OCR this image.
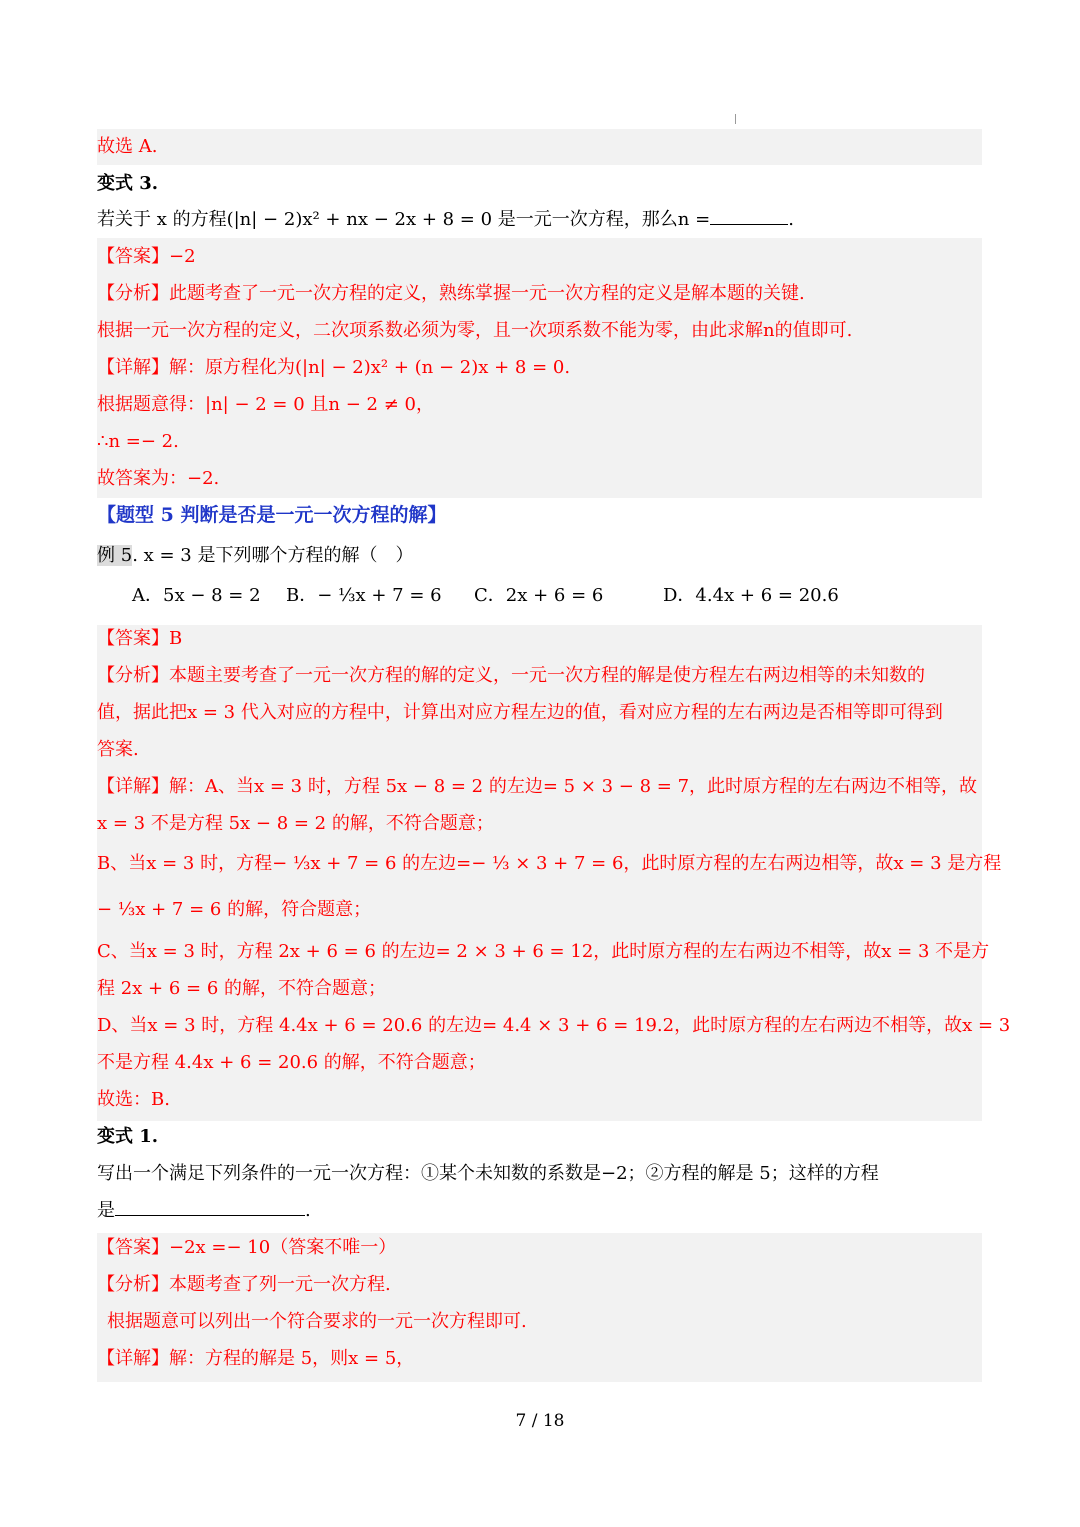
故选 A.
变式 3.
若关于 x 的方程(|n| − 2)x² + nx − 2x + 8 = 0 是一元一次方程，那么n =	.
【答案】−2
【分析】此题考查了一元一次方程的定义，熟练掌握一元一次方程的定义是解本题的关键.
根据一元一次方程的定义，二次项系数必须为零，且一次项系数不能为零，由此求解n的值即可.
【详解】解：原方程化为(|n| − 2)x² + (n − 2)x + 8 = 0.
根据题意得：|n| − 2 = 0 且n − 2 ≠ 0，
∴n =− 2.
故答案为：−2.
【题型 5 判断是否是一元一次方程的解】
例 5. x = 3 是下列哪个方程的解（　）
A．5x − 8 = 2 B．− ⅓x + 7 = 6 C．2x + 6 = 6	D．4.4x + 6 = 20.6
【答案】B
【分析】本题主要考查了一元一次方程的解的定义，一元一次方程的解是使方程左右两边相等的未知数的
值，据此把x = 3 代入对应的方程中，计算出对应方程左边的值，看对应方程的左右两边是否相等即可得到
答案.
【详解】解：A、当x = 3 时，方程 5x − 8 = 2 的左边= 5 × 3 − 8 = 7，此时原方程的左右两边不相等，故
x = 3 不是方程 5x − 8 = 2 的解，不符合题意；
B、当x = 3 时，方程− ⅓x + 7 = 6 的左边=− ⅓ × 3 + 7 = 6，此时原方程的左右两边相等，故x = 3 是方程
− ⅓x + 7 = 6 的解，符合题意；
C、当x = 3 时，方程 2x + 6 = 6 的左边= 2 × 3 + 6 = 12，此时原方程的左右两边不相等，故x = 3 不是方
程 2x + 6 = 6 的解，不符合题意；
D、当x = 3 时，方程 4.4x + 6 = 20.6 的左边= 4.4 × 3 + 6 = 19.2，此时原方程的左右两边不相等，故x = 3
不是方程 4.4x + 6 = 20.6 的解，不符合题意；
故选：B.
变式 1.
写出一个满足下列条件的一元一次方程：①某个未知数的系数是−2；②方程的解是 5；这样的方程
是	.
【答案】−2x =− 10（答案不唯一）
【分析】本题考查了列一元一次方程.
根据题意可以列出一个符合要求的一元一次方程即可.
【详解】解：方程的解是 5，则x = 5，
7 / 18
